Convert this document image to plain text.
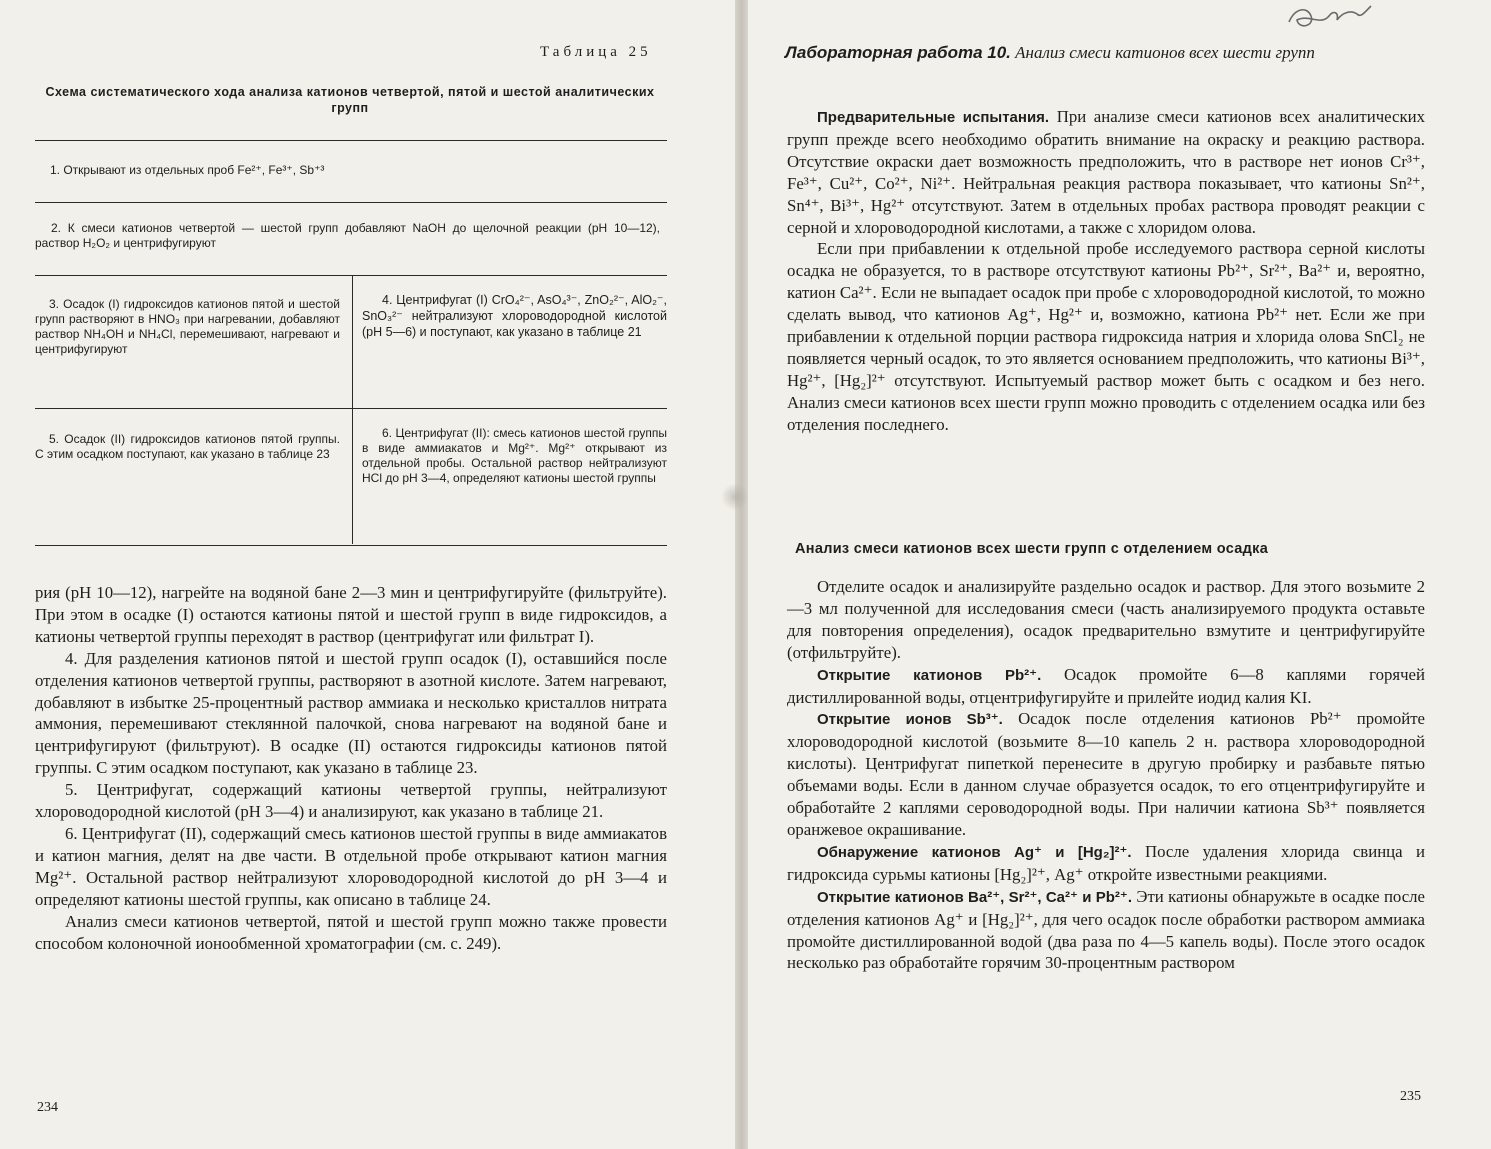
Таблица 25
Схема систематического хода анализа катионов четвертой, пятой и шестой аналитических групп
1. Открывают из отдельных проб Fe²⁺, Fe³⁺, Sb⁺³
2. К смеси катионов четвертой — шестой групп добавляют NaOH до щелочной реакции (pH 10—12), раствор H₂O₂ и центрифугируют
3. Осадок (I) гидроксидов катионов пятой и шестой групп растворяют в HNO₃ при нагревании, добавляют раствор NH₄OH и NH₄Cl, перемешивают, нагревают и центрифугируют
4. Центрифугат (I) CrO₄²⁻, AsO₄³⁻, ZnO₂²⁻, AlO₂⁻, SnO₃²⁻ нейтрализуют хлороводородной кислотой (pH 5—6) и поступают, как указано в таблице 21
5. Осадок (II) гидроксидов катионов пятой группы. С этим осадком поступают, как указано в таблице 23
6. Центрифугат (II): смесь катионов шестой группы в виде аммиакатов и Mg²⁺. Mg²⁺ открывают из отдельной пробы. Остальной раствор нейтрализуют HCl до pH 3—4, определяют катионы шестой группы

рия (pH 10—12), нагрейте на водяной бане 2—3 мин и центрифугируйте (фильтруйте). При этом в осадке (I) остаются катионы пятой и шестой групп в виде гидроксидов, а катионы четвертой группы переходят в раствор (центрифугат или фильтрат I).

4. Для разделения катионов пятой и шестой групп осадок (I), оставшийся после отделения катионов четвертой группы, растворяют в азотной кислоте. Затем нагревают, добавляют в избытке 25-процентный раствор аммиака и несколько кристаллов нитрата аммония, перемешивают стеклянной палочкой, снова нагревают на водяной бане и центрифугируют (фильтруют). В осадке (II) остаются гидроксиды катионов пятой группы. С этим осадком поступают, как указано в таблице 23.

5. Центрифугат, содержащий катионы четвертой группы, нейтрализуют хлороводородной кислотой (pH 3—4) и анализируют, как указано в таблице 21.

6. Центрифугат (II), содержащий смесь катионов шестой группы в виде аммиакатов и катион магния, делят на две части. В отдельной пробе открывают катион магния Mg²⁺. Остальной раствор нейтрализуют хлороводородной кислотой до pH 3—4 и определяют катионы шестой группы, как описано в таблице 24.

Анализ смеси катионов четвертой, пятой и шестой групп можно также провести способом колоночной ионообменной хроматографии (см. с. 249).

234
Лабораторная работа 10. Анализ смеси катионов всех шести групп

Предварительные испытания. При анализе смеси катионов всех аналитических групп прежде всего необходимо обратить внимание на окраску и реакцию раствора. Отсутствие окраски дает возможность предположить, что в растворе нет ионов Cr³⁺, Fe³⁺, Cu²⁺, Co²⁺, Ni²⁺. Нейтральная реакция раствора показывает, что катионы Sn²⁺, Sn⁴⁺, Bi³⁺, Hg²⁺ отсутствуют. Затем в отдельных пробах раствора проводят реакции с серной и хлороводородной кислотами, а также с хлоридом олова.

Если при прибавлении к отдельной пробе исследуемого раствора серной кислоты осадка не образуется, то в растворе отсутствуют катионы Pb²⁺, Sr²⁺, Ba²⁺ и, вероятно, катион Ca²⁺. Если не выпадает осадок при пробе с хлороводородной кислотой, то можно сделать вывод, что катионов Ag⁺, Hg²⁺ и, возможно, катиона Pb²⁺ нет. Если же при прибавлении к отдельной порции раствора гидроксида натрия и хлорида олова SnCl₂ не появляется черный осадок, то это является основанием предположить, что катионы Bi³⁺, Hg²⁺, [Hg₂]²⁺ отсутствуют. Испытуемый раствор может быть с осадком и без него. Анализ смеси катионов всех шести групп можно проводить с отделением осадка или без отделения последнего.

Анализ смеси катионов всех шести групп с отделением осадка

Отделите осадок и анализируйте раздельно осадок и раствор. Для этого возьмите 2—3 мл полученной для исследования смеси (часть анализируемого продукта оставьте для повторения определения), осадок предварительно взмутите и центрифугируйте (отфильтруйте).

Открытие катионов Pb²⁺. Осадок промойте 6—8 каплями горячей дистиллированной воды, отцентрифугируйте и прилейте иодид калия KI.

Открытие ионов Sb³⁺. Осадок после отделения катионов Pb²⁺ промойте хлороводородной кислотой (возьмите 8—10 капель 2 н. раствора хлороводородной кислоты). Центрифугат пипеткой перенесите в другую пробирку и разбавьте пятью объемами воды. Если в данном случае образуется осадок, то его отцентрифугируйте и обработайте 2 каплями сероводородной воды. При наличии катиона Sb³⁺ появляется оранжевое окрашивание.

Обнаружение катионов Ag⁺ и [Hg₂]²⁺. После удаления хлорида свинца и гидроксида сурьмы катионы [Hg₂]²⁺, Ag⁺ откройте известными реакциями.

Открытие катионов Ba²⁺, Sr²⁺, Ca²⁺ и Pb²⁺. Эти катионы обнаружьте в осадке после отделения катионов Ag⁺ и [Hg₂]²⁺, для чего осадок после обработки раствором аммиака промойте дистиллированной водой (два раза по 4—5 капель воды). После этого осадок несколько раз обработайте горячим 30-процентным раствором

235
